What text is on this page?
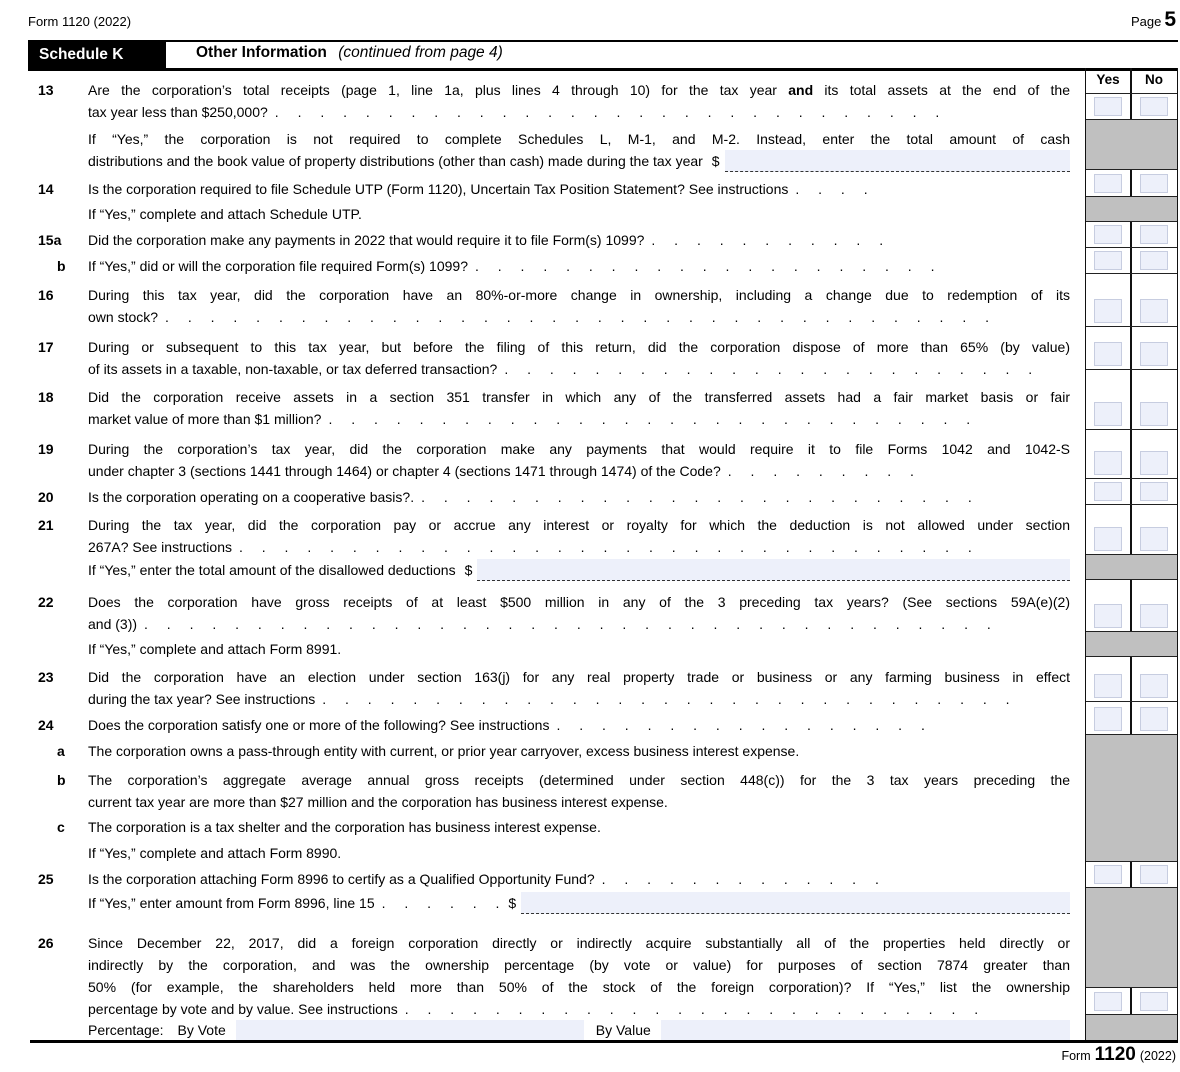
Form 1120 (2022)	Page 5
Schedule K	Other Information (continued from page 4)
13	Are the corporation’s total receipts (page 1, line 1a, plus lines 4 through 10) for the tax year and its total assets at the end of the
tax year less than $250,000? . . . . . . . . . . . . . . . . . . . . . . . . . . . . . .
If “Yes,” the corporation is not required to complete Schedules L, M-1, and M-2. Instead, enter the total amount of cash
distributions and the book value of property distributions (other than cash) made during the tax year $
14	Is the corporation required to file Schedule UTP (Form 1120), Uncertain Tax Position Statement? See instructions . . . .
If “Yes,” complete and attach Schedule UTP.
15a	Did the corporation make any payments in 2022 that would require it to file Form(s) 1099? . . . . . . . . . . .
b	If “Yes,” did or will the corporation file required Form(s) 1099? . . . . . . . . . . . . . . . . . . . . .
16	During this tax year, did the corporation have an 80%-or-more change in ownership, including a change due to redemption of its
own stock? . . . . . . . . . . . . . . . . . . . . . . . . . . . . . . . . . . . . .
17	During or subsequent to this tax year, but before the filing of this return, did the corporation dispose of more than 65% (by value)
of its assets in a taxable, non-taxable, or tax deferred transaction? . . . . . . . . . . . . . . . . . . . . . . . .
18	Did the corporation receive assets in a section 351 transfer in which any of the transferred assets had a fair market basis or fair
market value of more than $1 million? . . . . . . . . . . . . . . . . . . . . . . . . . . . . .
19	During the corporation’s tax year, did the corporation make any payments that would require it to file Forms 1042 and 1042-S
under chapter 3 (sections 1441 through 1464) or chapter 4 (sections 1471 through 1474) of the Code? . . . . . . . . .
20	Is the corporation operating on a cooperative basis?. . . . . . . . . . . . . . . . . . . . . . . . . .
21	During the tax year, did the corporation pay or accrue any interest or royalty for which the deduction is not allowed under section
267A? See instructions . . . . . . . . . . . . . . . . . . . . . . . . . . . . . . . . .
If “Yes,” enter the total amount of the disallowed deductions $
22	Does the corporation have gross receipts of at least $500 million in any of the 3 preceding tax years? (See sections 59A(e)(2)
and (3)) . . . . . . . . . . . . . . . . . . . . . . . . . . . . . . . . . . . . . .
If “Yes,” complete and attach Form 8991.
23	Did the corporation have an election under section 163(j) for any real property trade or business or any farming business in effect
during the tax year? See instructions . . . . . . . . . . . . . . . . . . . . . . . . . . . . . . .
24	Does the corporation satisfy one or more of the following? See instructions . . . . . . . . . . . . . . . . .
a	The corporation owns a pass-through entity with current, or prior year carryover, excess business interest expense.
b	The corporation’s aggregate average annual gross receipts (determined under section 448(c)) for the 3 tax years preceding the
current tax year are more than $27 million and the corporation has business interest expense.
c	The corporation is a tax shelter and the corporation has business interest expense.
If “Yes,” complete and attach Form 8990.
25	Is the corporation attaching Form 8996 to certify as a Qualified Opportunity Fund? . . . . . . . . . . . . .
If “Yes,” enter amount from Form 8996, line 15 . . . . . . $
26	Since December 22, 2017, did a foreign corporation directly or indirectly acquire substantially all of the properties held directly or
indirectly by the corporation, and was the ownership percentage (by vote or value) for purposes of section 7874 greater than
50% (for example, the shareholders held more than 50% of the stock of the foreign corporation)? If “Yes,” list the ownership
percentage by vote and by value. See instructions . . . . . . . . . . . . . . . . . . . . . . . . . .
Percentage: By Vote	By Value
Yes	No
Form 1120 (2022)
